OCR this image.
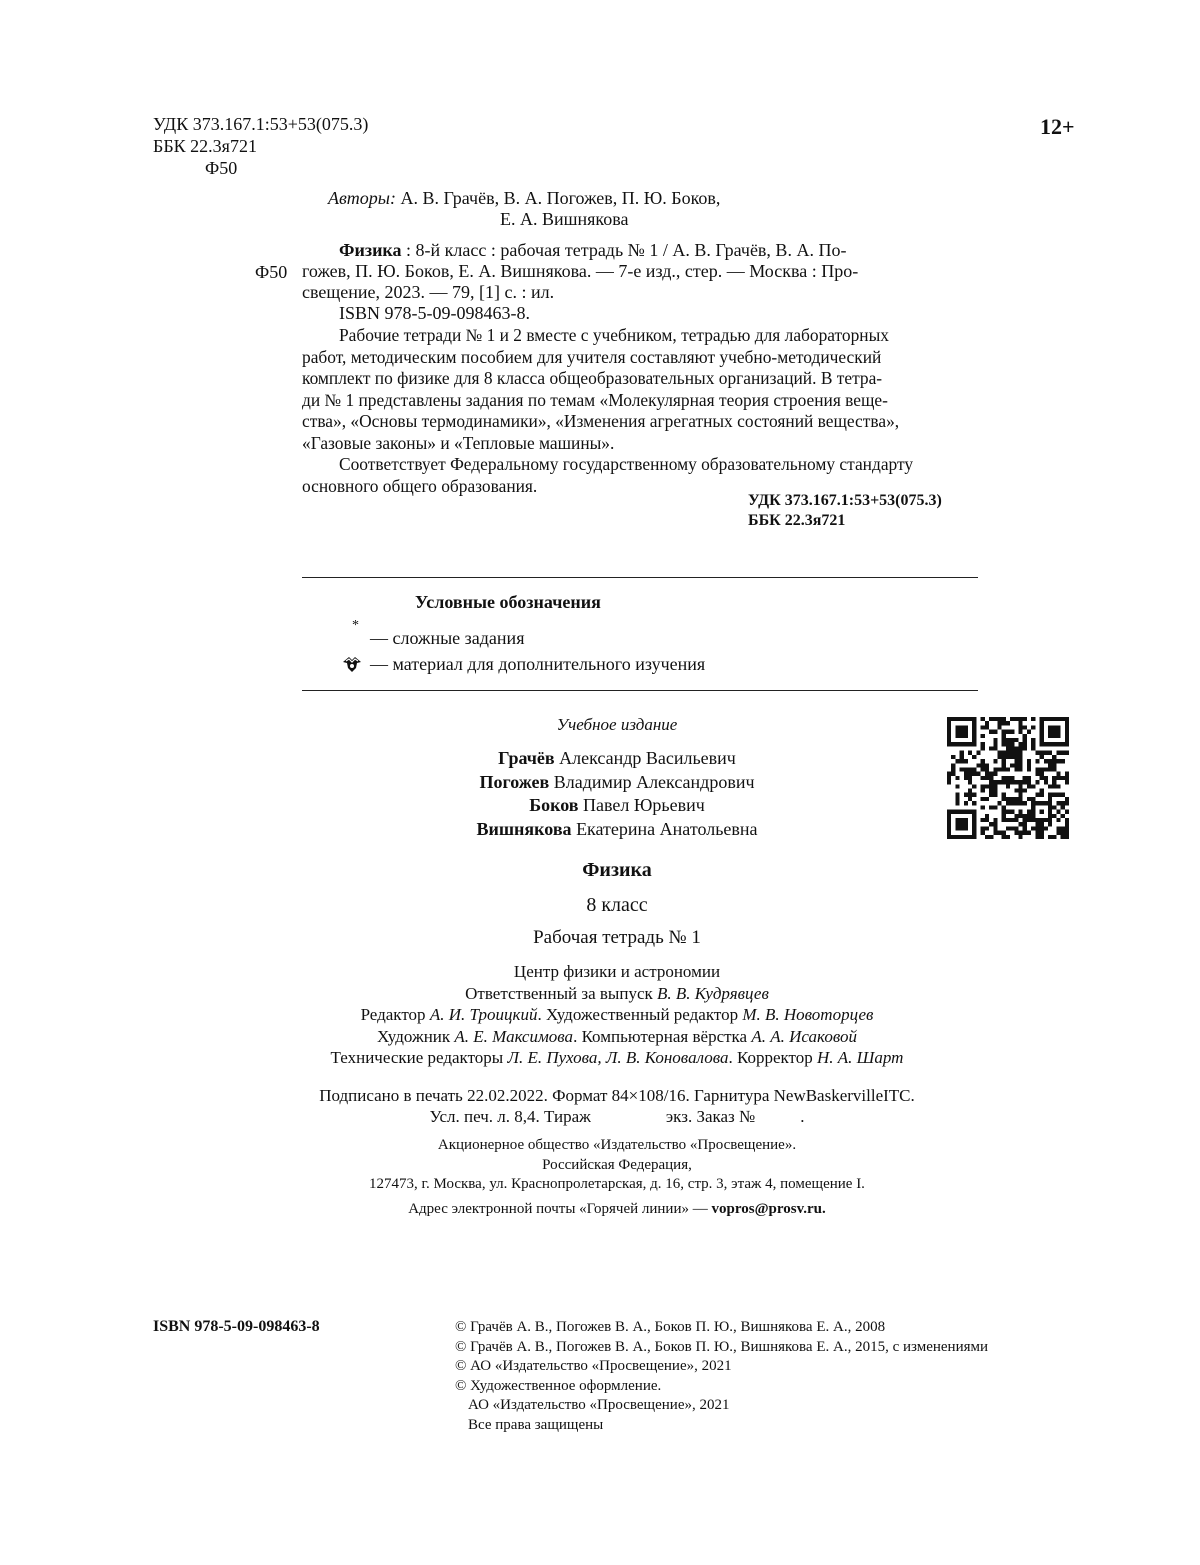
УДК 373.167.1:53+53(075.3)
ББК 22.3я721
Ф50
12+
Авторы: А. В. Грачёв, В. А. Погожев, П. Ю. Боков,
Е. А. Вишнякова
Ф50

Физика : 8-й класс : рабочая тетрадь № 1 / А. В. Грачёв, В. А. По-

гожев, П. Ю. Боков, Е. А. Вишнякова. — 7-е изд., стер. — Москва : Про-

свещение, 2023. — 79, [1] с. : ил.

ISBN 978-5-09-098463-8.

Рабочие тетради № 1 и 2 вместе с учебником, тетрадью для лабораторных
работ, методическим пособием для учителя составляют учебно-методический
комплект по физике для 8 класса общеобразовательных организаций. В тетра-
ди № 1 представлены задания по темам «Молекулярная теория строения веще-
ства», «Основы термодинамики», «Изменения агрегатных состояний вещества»,
«Газовые законы» и «Тепловые машины».
Соответствует Федеральному государственному образовательному стандарту
основного общего образования.
УДК 373.167.1:53+53(075.3)
ББК 22.3я721
Условные обозначения
*
— сложные задания
— материал для дополнительного изучения
Учебное издание
Грачёв Александр Васильевич
Погожев Владимир Александрович
Боков Павел Юрьевич
Вишнякова Екатерина Анатольевна
Физика
8 класс
Рабочая тетрадь № 1
Центр физики и астрономии
Ответственный за выпуск В. В. Кудрявцев
Редактор А. И. Троицкий. Художественный редактор М. В. Новоторцев
Художник А. Е. Максимова. Компьютерная вёрстка А. А. Исаковой
Технические редакторы Л. Е. Пухова, Л. В. Коновалова. Корректор Н. А. Шарт
Подписано в печать 22.02.2022. Формат 84×108/16. Гарнитура NewBaskervilleITC.
Усл. печ. л. 8,4. Тираж	экз. Заказ №	.
Акционерное общество «Издательство «Просвещение».
Российская Федерация,
127473, г. Москва, ул. Краснопролетарская, д. 16, стр. 3, этаж 4, помещение I.
Адрес электронной почты «Горячей линии» — vopros@prosv.ru.
ISBN 978-5-09-098463-8	© Грачёв А. В., Погожев В. А., Боков П. Ю., Вишнякова Е. А., 2008
© Грачёв А. В., Погожев В. А., Боков П. Ю., Вишнякова Е. А., 2015, с изменениями
© АО «Издательство «Просвещение», 2021
© Художественное оформление.
АО «Издательство «Просвещение», 2021
Все права защищены
